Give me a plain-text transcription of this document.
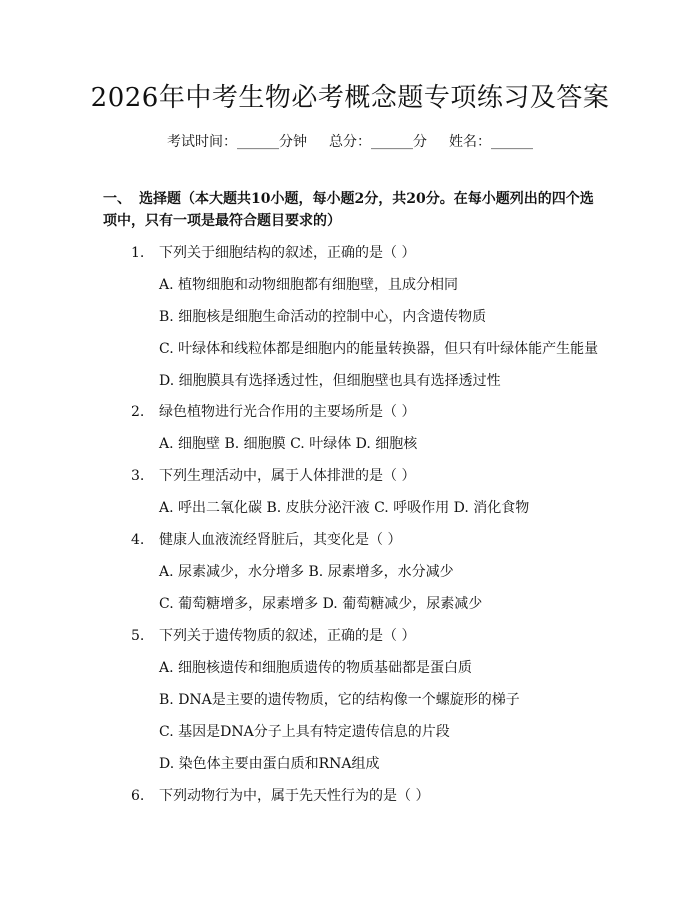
2026年中考生物必考概念题专项练习及答案
考试时间：______分钟 总分：______分 姓名：______
一、 选择题（本大题共10小题，每小题2分，共20分。在每小题列出的四个选项中，只有一项是最符合题目要求的）
1. 下列关于细胞结构的叙述，正确的是（ ）
A. 植物细胞和动物细胞都有细胞壁，且成分相同
B. 细胞核是细胞生命活动的控制中心，内含遗传物质
C. 叶绿体和线粒体都是细胞内的能量转换器，但只有叶绿体能产生能量
D. 细胞膜具有选择透过性，但细胞壁也具有选择透过性
2. 绿色植物进行光合作用的主要场所是（ ）
A. 细胞壁 B. 细胞膜 C. 叶绿体 D. 细胞核
3. 下列生理活动中，属于人体排泄的是（ ）
A. 呼出二氧化碳 B. 皮肤分泌汗液 C. 呼吸作用 D. 消化食物
4. 健康人血液流经肾脏后，其变化是（ ）
A. 尿素减少，水分增多 B. 尿素增多，水分减少
C. 葡萄糖增多，尿素增多 D. 葡萄糖减少，尿素减少
5. 下列关于遗传物质的叙述，正确的是（ ）
A. 细胞核遗传和细胞质遗传的物质基础都是蛋白质
B. DNA是主要的遗传物质，它的结构像一个螺旋形的梯子
C. 基因是DNA分子上具有特定遗传信息的片段
D. 染色体主要由蛋白质和RNA组成
6. 下列动物行为中，属于先天性行为的是（ ）
